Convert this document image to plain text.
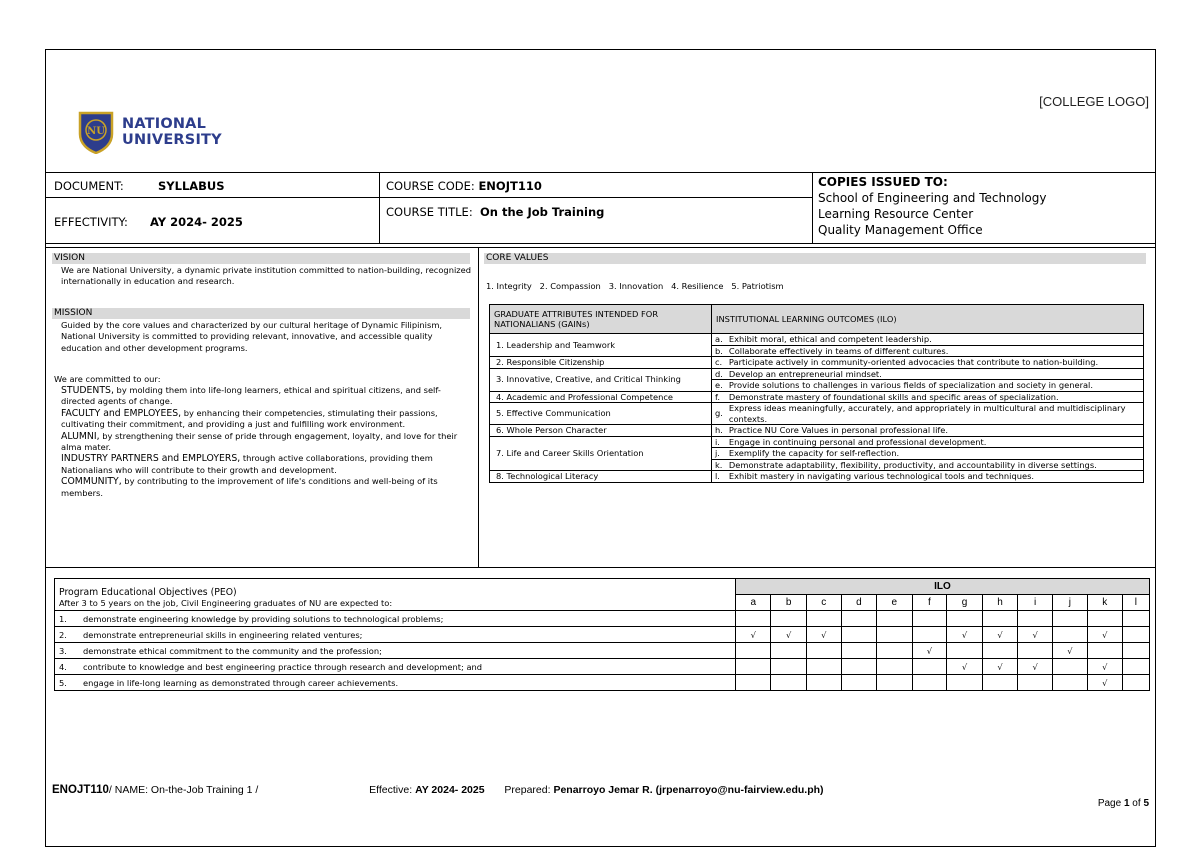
NU NATIONAL
UNIVERSITY
[COLLEGE LOGO]
DOCUMENT:	SYLLABUS
EFFECTIVITY: AY 2024- 2025
COURSE CODE: ENOJT110
COURSE TITLE: On the Job Training
COPIES ISSUED TO:
School of Engineering and Technology
Learning Resource Center
Quality Management Office
VISION
We are National University, a dynamic private institution committed to nation-building, recognized internationally in education and research.
MISSION
Guided by the core values and characterized by our cultural heritage of Dynamic Filipinism, National University is committed to providing relevant, innovative, and accessible quality education and other development programs.
We are committed to our:
STUDENTS, by molding them into life-long learners, ethical and spiritual citizens, and self-directed agents of change.
FACULTY and EMPLOYEES, by enhancing their competencies, stimulating their passions, cultivating their commitment, and providing a just and fulfilling work environment.
ALUMNI, by strengthening their sense of pride through engagement, loyalty, and love for their alma mater.
INDUSTRY PARTNERS and EMPLOYERS, through active collaborations, providing them Nationalians who will contribute to their growth and development.
COMMUNITY, by contributing to the improvement of life's conditions and well-being of its members.
CORE VALUES
1. Integrity   2. Compassion   3. Innovation   4. Resilience   5. Patriotism
GRADUATE ATTRIBUTES INTENDED FOR NATIONALIANS (GAINs)	INSTITUTIONAL LEARNING OUTCOMES (ILO)	
1. Leadership and Teamwork	a.	Exhibit moral, ethical and competent leadership.
	b.	Collaborate effectively in teams of different cultures.
2. Responsible Citizenship	c.	Participate actively in community-oriented advocacies that contribute to nation-building.
3. Innovative, Creative, and Critical Thinking	d.	Develop an entrepreneurial mindset.
	e.	Provide solutions to challenges in various fields of specialization and society in general.
4. Academic and Professional Competence	f.	Demonstrate mastery of foundational skills and specific areas of specialization.
5. Effective Communication	g.	Express ideas meaningfully, accurately, and appropriately in multicultural and multidisciplinary contexts.
6. Whole Person Character	h.	Practice NU Core Values in personal professional life.
7. Life and Career Skills Orientation	i.	Engage in continuing personal and professional development.
	j.	Exemplify the capacity for self-reflection.
	k.	Demonstrate adaptability, flexibility, productivity, and accountability in diverse settings.
8. Technological Literacy	l.	Exhibit mastery in navigating various technological tools and techniques.
Program Educational Objectives (PEO)
After 3 to 5 years on the job, Civil Engineering graduates of NU are expected to:	ILO											
	a	b	c	d	e	f	g	h	i	j	k	l
1. demonstrate engineering knowledge by providing solutions to technological problems;												
2. demonstrate entrepreneurial skills in engineering related ventures;	√	√	√				√	√	√		√	
3. demonstrate ethical commitment to the community and the profession;						√				√		
4. contribute to knowledge and best engineering practice through research and development; and							√	√	√		√	
5. engage in life-long learning as demonstrated through career achievements.											√	
ENOJT110/ NAME: On-the-Job Training 1 /	Effective: AY 2024- 2025 Prepared: Penarroyo Jemar R. (jrpenarroyo@nu-fairview.edu.ph)
Page 1 of 5
